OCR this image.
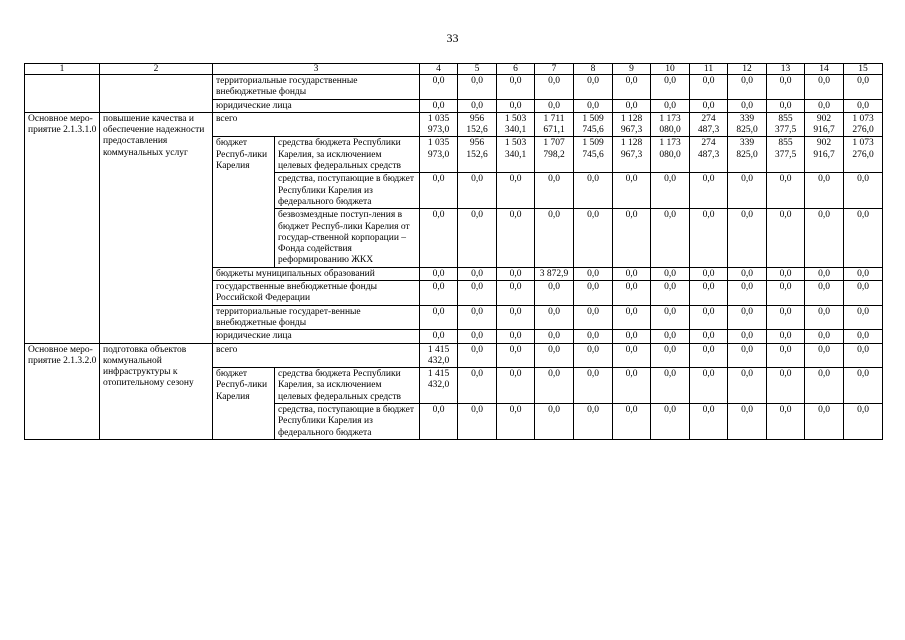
33
1	2	3		4	5	6	7	8	9	10	11	12	13	14	15
		территориальные государственные внебюджетные фонды		0,0	0,0	0,0	0,0	0,0	0,0	0,0	0,0	0,0	0,0	0,0	0,0
		юридические лица		0,0	0,0	0,0	0,0	0,0	0,0	0,0	0,0	0,0	0,0	0,0	0,0
Основное меро-приятие 2.1.3.1.0	повышение качества и обеспечение надежности предоставления коммунальных услуг	всего		1 035 973,0	956 152,6	1 503 340,1	1 711 671,1	1 509 745,6	1 128 967,3	1 173 080,0	274 487,3	339 825,0	855 377,5	902 916,7	1 073 276,0
		бюджет Респуб-лики Карелия	средства бюджета Республики Карелия, за исключением целевых федеральных средств	1 035 973,0	956 152,6	1 503 340,1	1 707 798,2	1 509 745,6	1 128 967,3	1 173 080,0	274 487,3	339 825,0	855 377,5	902 916,7	1 073 276,0
			средства, поступающие в бюджет Республики Карелия из федерального бюджета	0,0	0,0	0,0	0,0	0,0	0,0	0,0	0,0	0,0	0,0	0,0	0,0
			безвозмездные поступ-ления в бюджет Респуб-лики Карелия от государ-ственной корпорации – Фонда содействия реформированию ЖКХ	0,0	0,0	0,0	0,0	0,0	0,0	0,0	0,0	0,0	0,0	0,0	0,0
		бюджеты муниципальных образований		0,0	0,0	0,0	3 872,9	0,0	0,0	0,0	0,0	0,0	0,0	0,0	0,0
		государственные внебюджетные фонды Российской Федерации		0,0	0,0	0,0	0,0	0,0	0,0	0,0	0,0	0,0	0,0	0,0	0,0
		территориальные государет-венные внебюджетные фонды		0,0	0,0	0,0	0,0	0,0	0,0	0,0	0,0	0,0	0,0	0,0	0,0
		юридические лица		0,0	0,0	0,0	0,0	0,0	0,0	0,0	0,0	0,0	0,0	0,0	0,0
Основное меро-приятие 2.1.3.2.0	подготовка объектов коммунальной инфраструктуры к отопительному сезону	всего		1 415 432,0	0,0	0,0	0,0	0,0	0,0	0,0	0,0	0,0	0,0	0,0	0,0
		бюджет Респуб-лики Карелия	средства бюджета Республики Карелия, за исключением целевых федеральных средств	1 415 432,0	0,0	0,0	0,0	0,0	0,0	0,0	0,0	0,0	0,0	0,0	0,0
			средства, поступающие в бюджет Республики Карелия из федерального бюджета	0,0	0,0	0,0	0,0	0,0	0,0	0,0	0,0	0,0	0,0	0,0	0,0
